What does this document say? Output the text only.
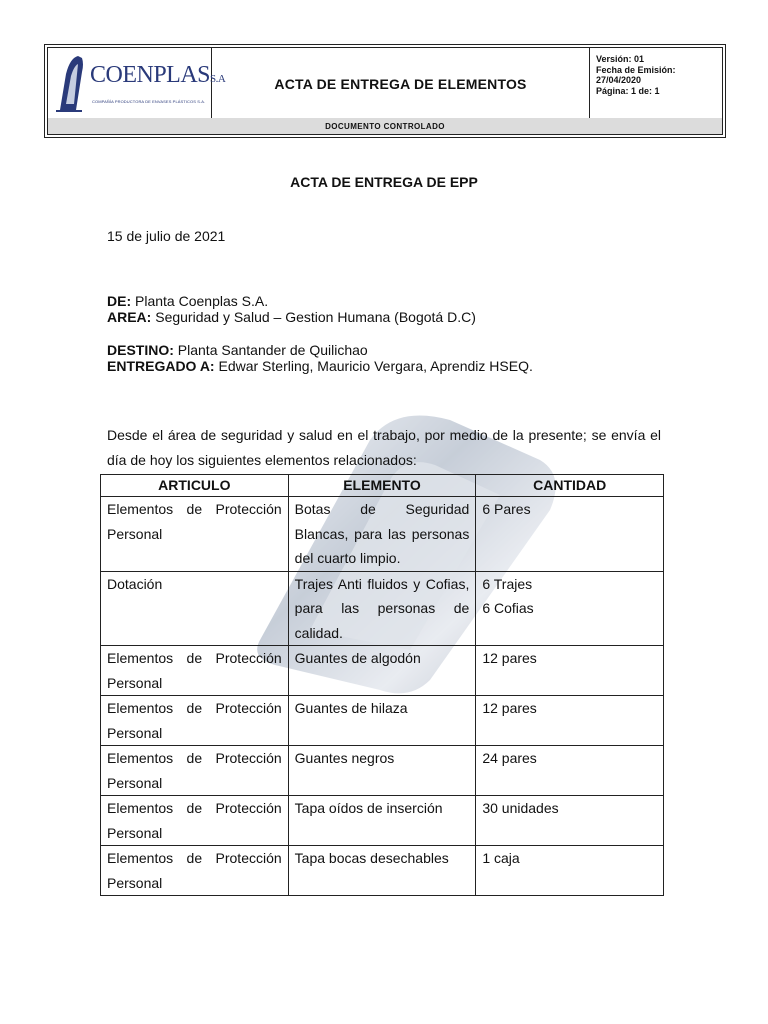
COENPLASS.A
COMPAÑÍA PRODUCTORA DE ENVASES PLÁSTICOS S.A.
ACTA DE ENTREGA DE ELEMENTOS
Versión: 01
Fecha de Emisión:
27/04/2020
Página: 1 de: 1
DOCUMENTO CONTROLADO
ACTA DE ENTREGA DE EPP
15 de julio de 2021
DE: Planta Coenplas S.A.
AREA: Seguridad y Salud – Gestion Humana (Bogotá D.C)
DESTINO: Planta Santander de Quilichao
ENTREGADO A: Edwar Sterling, Mauricio Vergara, Aprendiz HSEQ.
Desde el área de seguridad y salud en el trabajo, por medio de la presente; se envía el día de hoy los siguientes elementos relacionados:
ARTICULO	ELEMENTO	CANTIDAD
Elementos de Protección Personal	Botas de Seguridad Blancas, para las personas del cuarto limpio.	6 Pares

Dotación	Trajes Anti fluidos y Cofias, para las personas de calidad.	6 Trajes
6 Cofias

Elementos de Protección Personal	Guantes de algodón	12 pares

Elementos de Protección Personal	Guantes de hilaza	12 pares

Elementos de Protección Personal	Guantes negros	24 pares

Elementos de Protección Personal	Tapa oídos de inserción	30 unidades

Elementos de Protección Personal	Tapa bocas desechables	1 caja
